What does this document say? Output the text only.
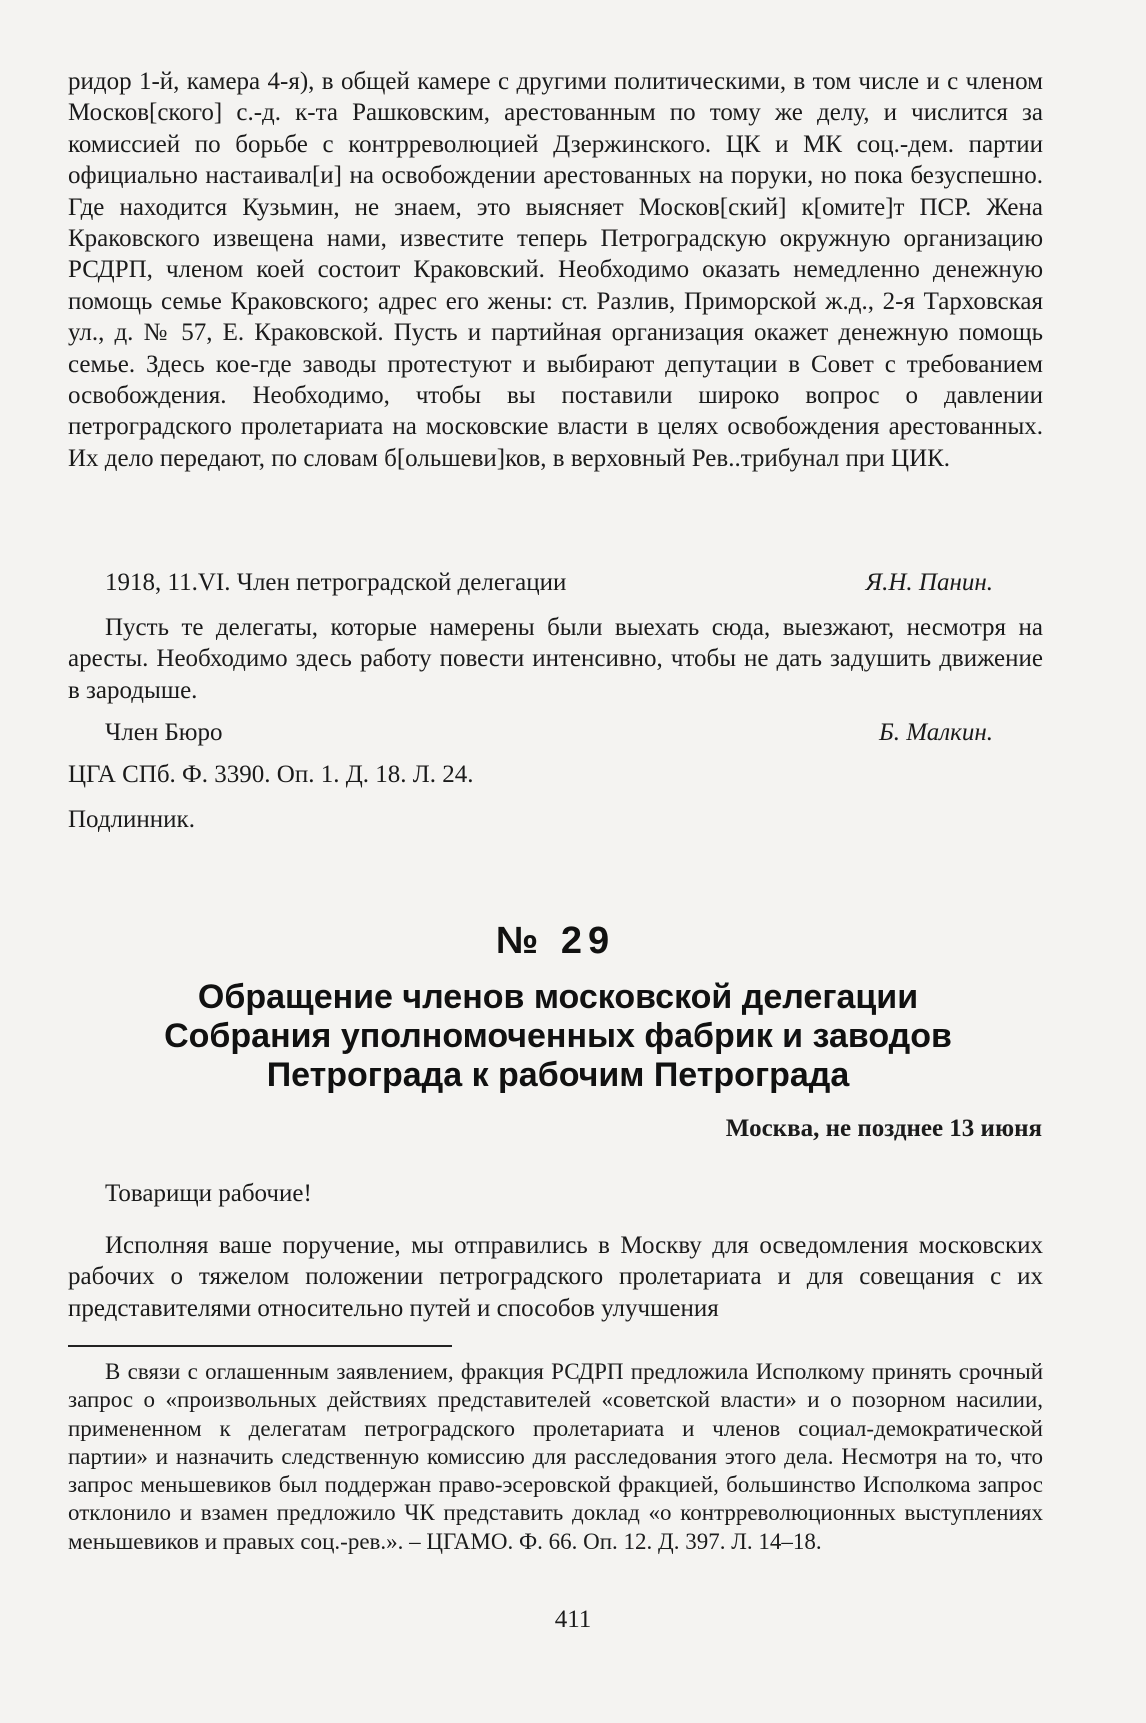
ридор 1-й, камера 4-я), в общей камере с другими политическими, в том числе и с членом Москов[ского] с.-д. к-та Рашковским, арестованным по тому же делу, и числится за комиссией по борьбе с контрреволюцией Дзержинского. ЦК и МК соц.-дем. партии официально настаивал[и] на освобождении арестованных на поруки, но пока безуспешно. Где находится Кузьмин, не знаем, это выясняет Москов[ский] к[омите]т ПСР. Жена Краковского извещена нами, известите теперь Петроградскую окружную организацию РСДРП, членом коей состоит Краковский. Необходимо оказать немедленно денежную помощь семье Краковского; адрес его жены: ст. Разлив, Приморской ж.д., 2-я Тарховская ул., д. № 57, Е. Краковской. Пусть и партийная организация окажет денежную помощь семье. Здесь кое-где заводы протестуют и выбирают депутации в Совет с требованием освобождения. Необходимо, чтобы вы поставили широко вопрос о давлении петроградского пролетариата на московские власти в целях освобождения арестованных. Их дело передают, по словам б[ольшеви]ков, в верховный Рев..трибунал при ЦИК.

1918, 11.VI. Член петроградской делегации	Я.Н. Панин.

Пусть те делегаты, которые намерены были выехать сюда, выезжают, несмотря на аресты. Необходимо здесь работу повести интенсивно, чтобы не дать задушить движение в зародыше.

Член Бюро	Б. Малкин.
ЦГА СПб. Ф. 3390. Оп. 1. Д. 18. Л. 24.
Подлинник.
№ 29
Обращение членов московской делегации Собрания уполномоченных фабрик и заводов Петрограда к рабочим Петрограда
Москва, не позднее 13 июня

Товарищи рабочие!

Исполняя ваше поручение, мы отправились в Москву для осведомления московских рабочих о тяжелом положении петроградского пролетариата и для совещания с их представителями относительно путей и способов улучшения

В связи с оглашенным заявлением, фракция РСДРП предложила Исполкому принять срочный запрос о «произвольных действиях представителей «советской власти» и о позорном насилии, примененном к делегатам петроградского пролетариата и членов социал-демократической партии» и назначить следственную комиссию для расследования этого дела. Несмотря на то, что запрос меньшевиков был поддержан право-эсеровской фракцией, большинство Исполкома запрос отклонило и взамен предложило ЧК представить доклад «о контрреволюционных выступлениях меньшевиков и правых соц.-рев.». – ЦГАМО. Ф. 66. Оп. 12. Д. 397. Л. 14–18.

411
